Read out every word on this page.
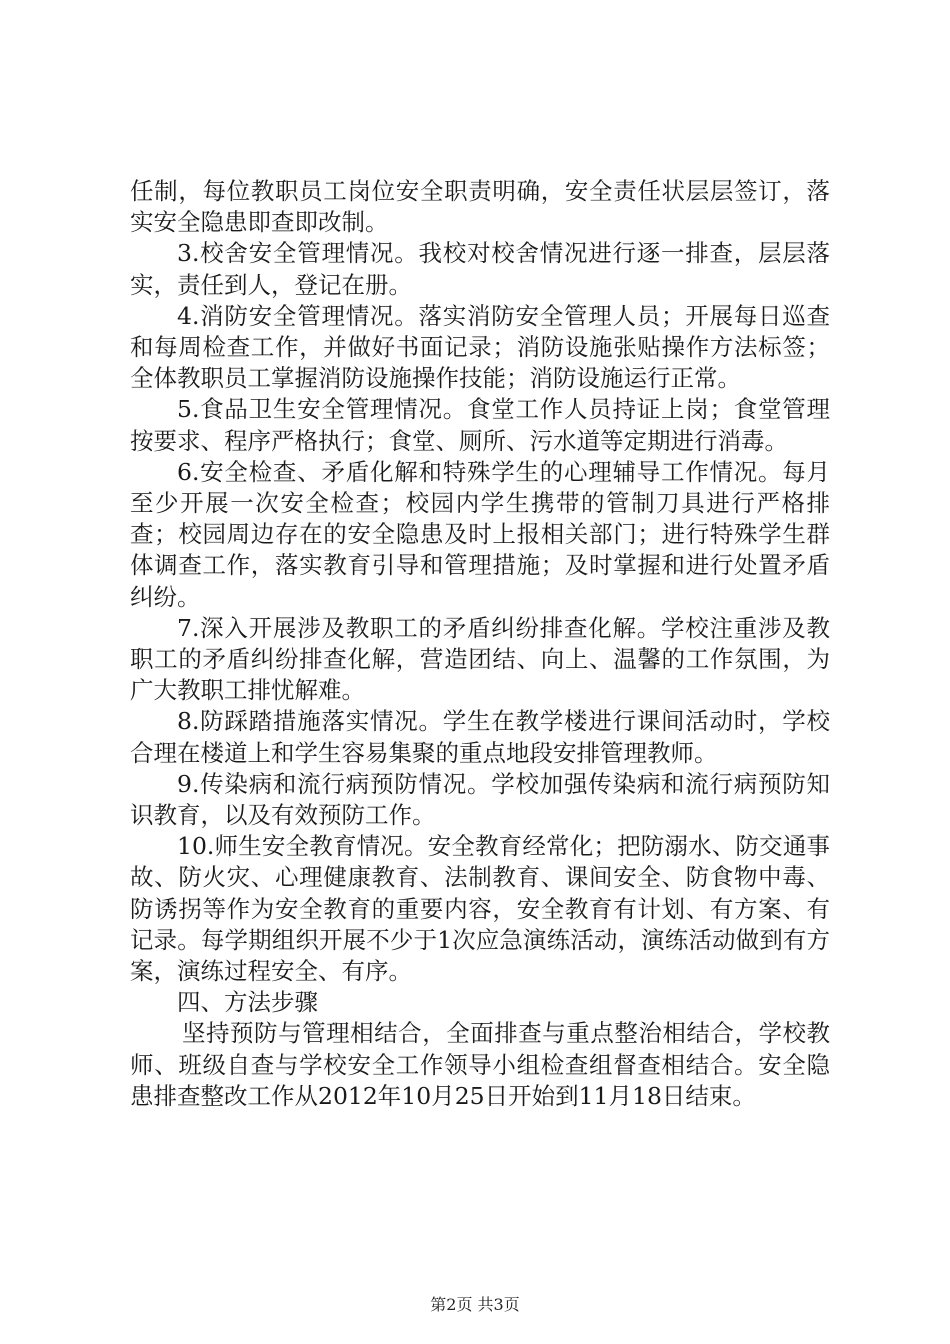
任制，每位教职员工岗位安全职责明确，安全责任状层层签订，落实安全隐患即查即改制。

3.校舍安全管理情况。我校对校舍情况进行逐一排查，层层落实，责任到人，登记在册。

4.消防安全管理情况。落实消防安全管理人员；开展每日巡查和每周检查工作，并做好书面记录；消防设施张贴操作方法标签；全体教职员工掌握消防设施操作技能；消防设施运行正常。

5.食品卫生安全管理情况。食堂工作人员持证上岗；食堂管理按要求、程序严格执行；食堂、厕所、污水道等定期进行消毒。

6.安全检查、矛盾化解和特殊学生的心理辅导工作情况。每月至少开展一次安全检查；校园内学生携带的管制刀具进行严格排查；校园周边存在的安全隐患及时上报相关部门；进行特殊学生群体调查工作，落实教育引导和管理措施；及时掌握和进行处置矛盾纠纷。

7.深入开展涉及教职工的矛盾纠纷排查化解。学校注重涉及教职工的矛盾纠纷排查化解，营造团结、向上、温馨的工作氛围，为广大教职工排忧解难。

8.防踩踏措施落实情况。学生在教学楼进行课间活动时，学校合理在楼道上和学生容易集聚的重点地段安排管理教师。

9.传染病和流行病预防情况。学校加强传染病和流行病预防知识教育，以及有效预防工作。

10.师生安全教育情况。安全教育经常化；把防溺水、防交通事故、防火灾、心理健康教育、法制教育、课间安全、防食物中毒、防诱拐等作为安全教育的重要内容，安全教育有计划、有方案、有记录。每学期组织开展不少于1次应急演练活动，演练活动做到有方案，演练过程安全、有序。

四、方法步骤

坚持预防与管理相结合，全面排查与重点整治相结合，学校教师、班级自查与学校安全工作领导小组检查组督查相结合。安全隐患排查整改工作从2012年10月25日开始到11月18日结束。

第2页 共3页
